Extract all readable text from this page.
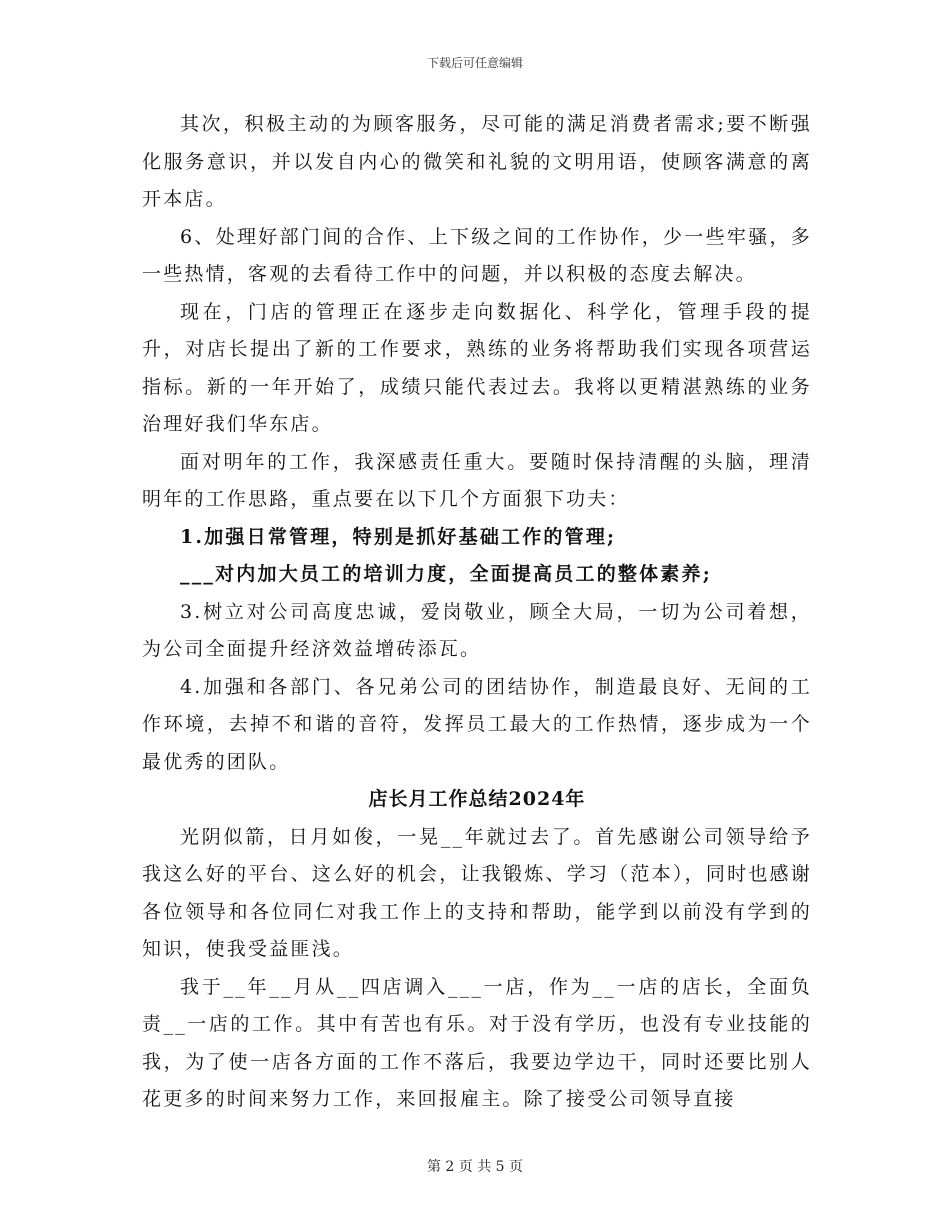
下载后可任意编辑

其次，积极主动的为顾客服务，尽可能的满足消费者需求;要不断强化服务意识，并以发自内心的微笑和礼貌的文明用语，使顾客满意的离开本店。

6、处理好部门间的合作、上下级之间的工作协作，少一些牢骚，多一些热情，客观的去看待工作中的问题，并以积极的态度去解决。

现在，门店的管理正在逐步走向数据化、科学化，管理手段的提升，对店长提出了新的工作要求，熟练的业务将帮助我们实现各项营运指标。新的一年开始了，成绩只能代表过去。我将以更精湛熟练的业务治理好我们华东店。

面对明年的工作，我深感责任重大。要随时保持清醒的头脑，理清明年的工作思路，重点要在以下几个方面狠下功夫：

1.加强日常管理，特别是抓好基础工作的管理;

___对内加大员工的培训力度，全面提高员工的整体素养;

3.树立对公司高度忠诚，爱岗敬业，顾全大局，一切为公司着想，为公司全面提升经济效益增砖添瓦。

4.加强和各部门、各兄弟公司的团结协作，制造最良好、无间的工作环境，去掉不和谐的音符，发挥员工最大的工作热情，逐步成为一个最优秀的团队。

店长月工作总结2024年

光阴似箭，日月如俊，一晃__年就过去了。首先感谢公司领导给予我这么好的平台、这么好的机会，让我锻炼、学习（范本），同时也感谢各位领导和各位同仁对我工作上的支持和帮助，能学到以前没有学到的知识，使我受益匪浅。

我于__年__月从__四店调入___一店，作为__一店的店长，全面负责__一店的工作。其中有苦也有乐。对于没有学历，也没有专业技能的我，为了使一店各方面的工作不落后，我要边学边干，同时还要比别人花更多的时间来努力工作，来回报雇主。除了接受公司领导直接

第 2 页 共 5 页
